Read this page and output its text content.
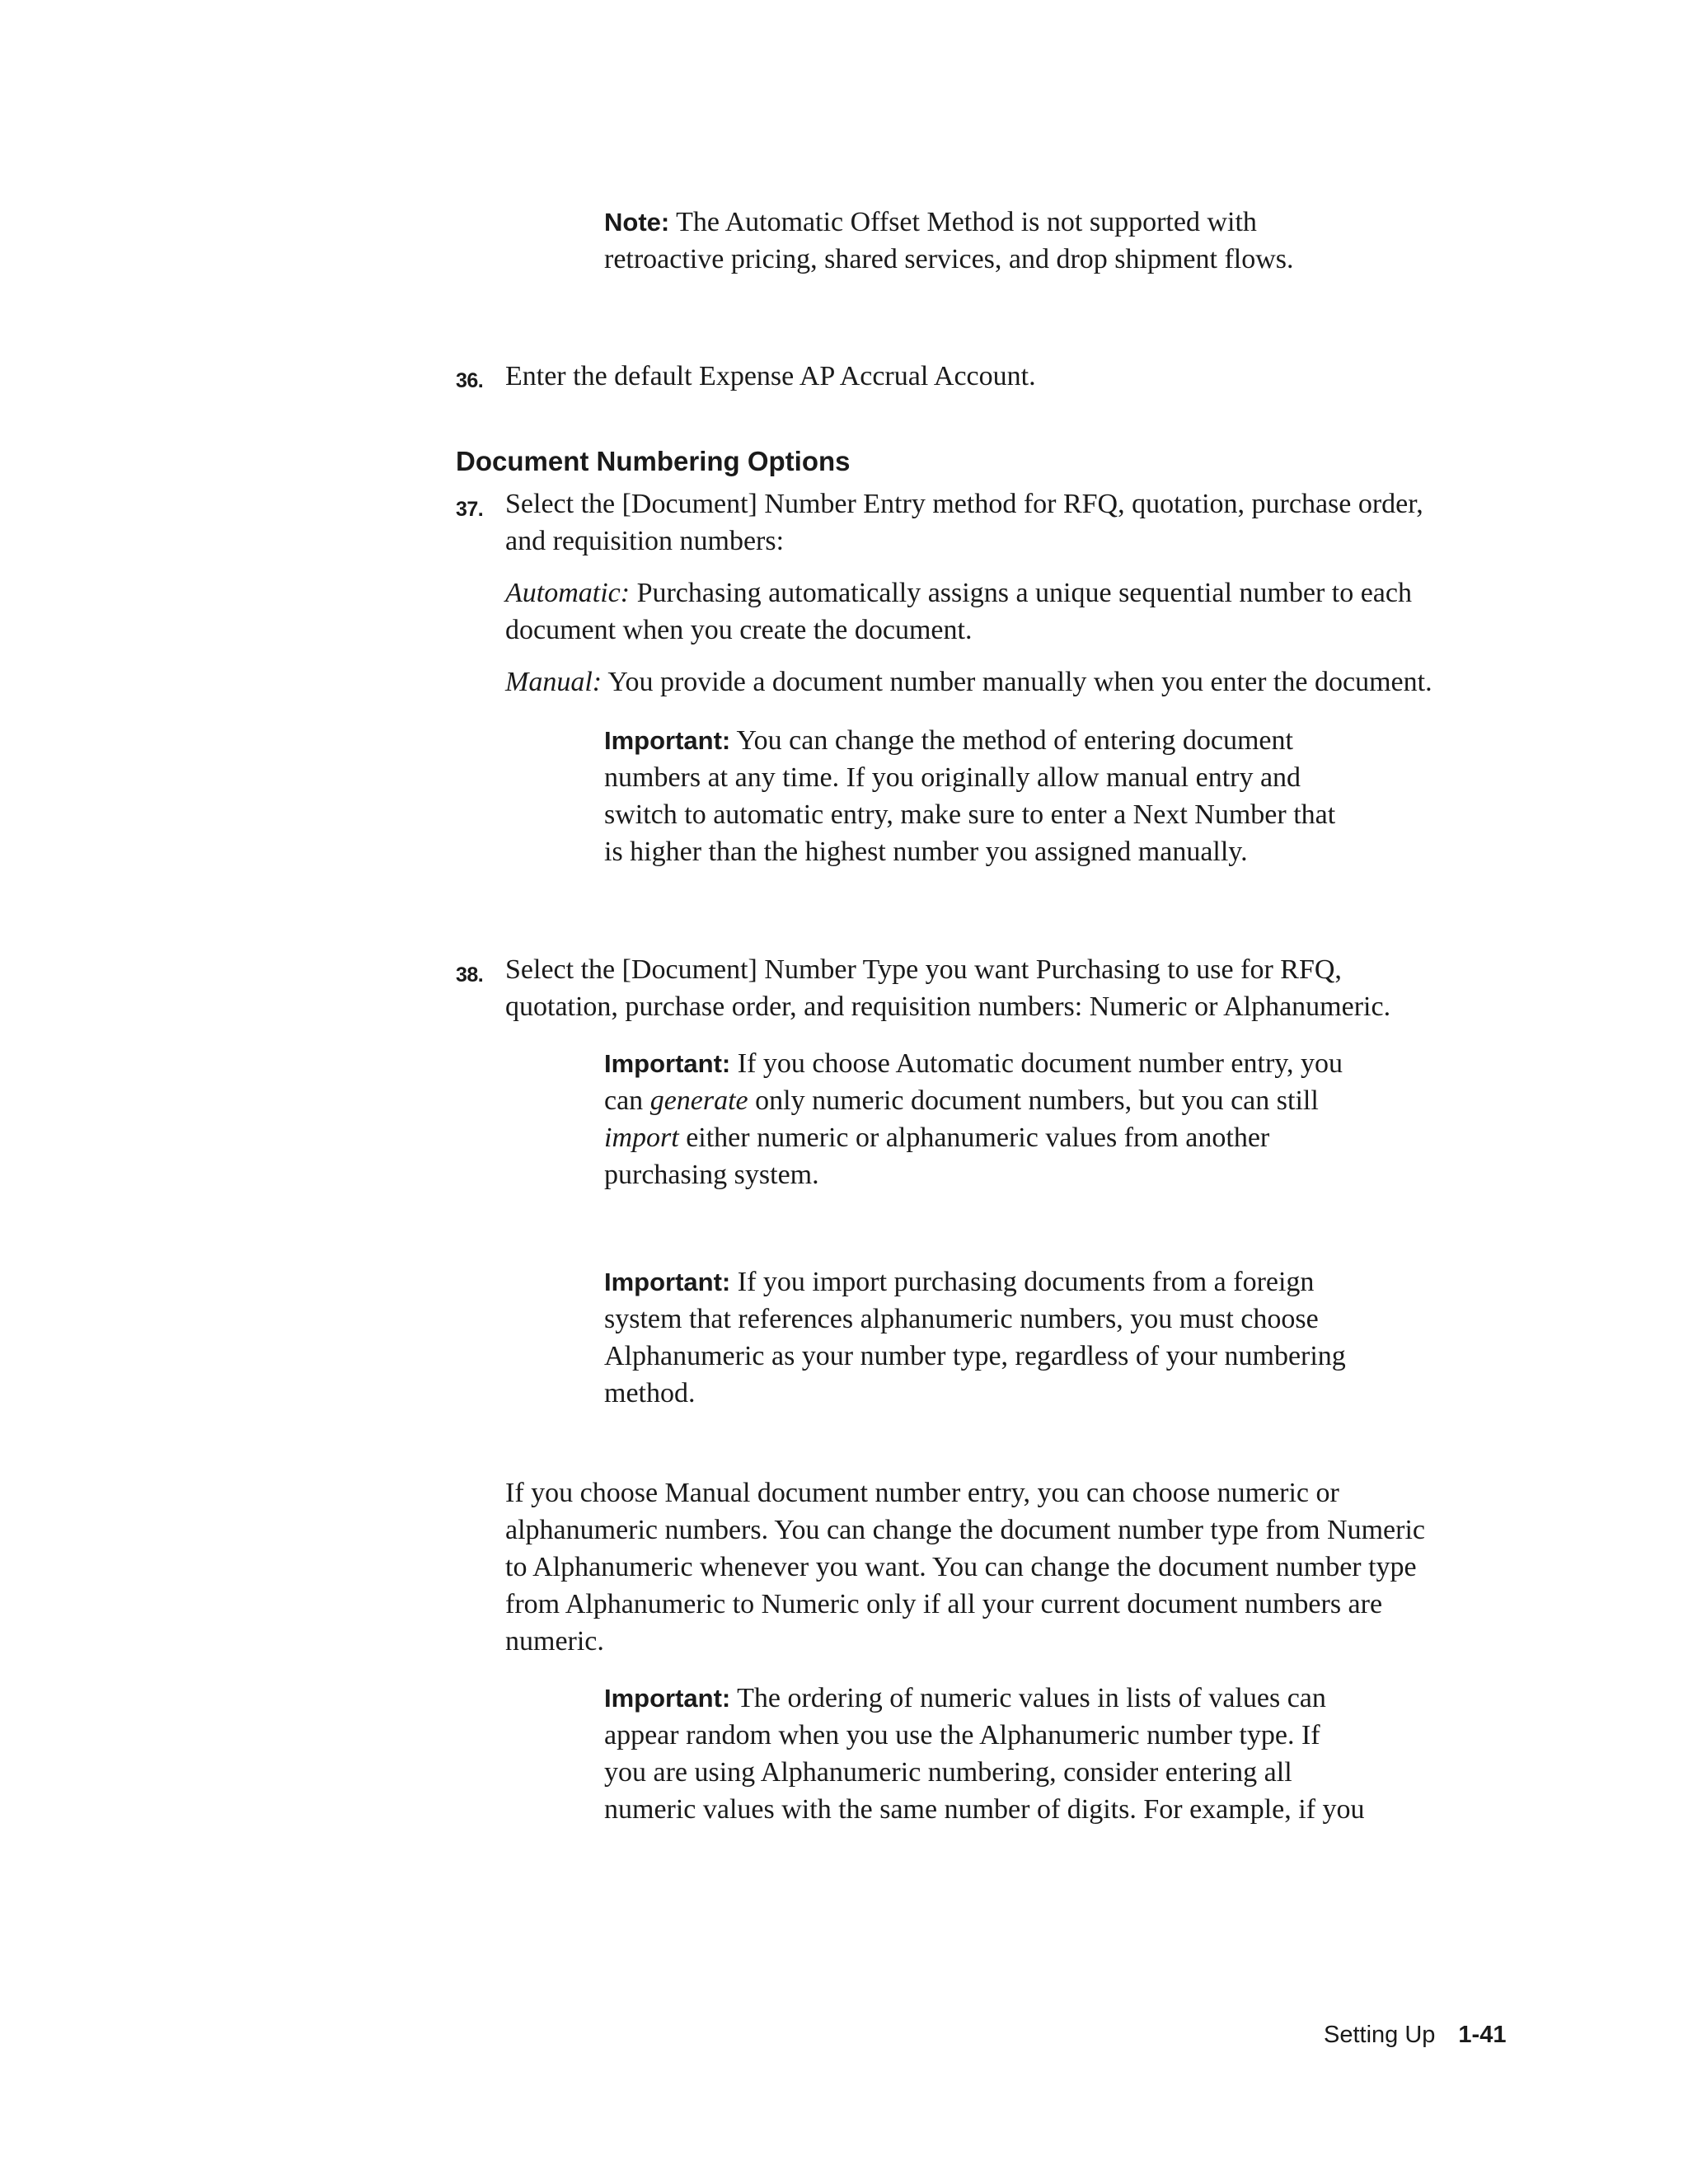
Note: The Automatic Offset Method is not supported with
retroactive pricing, shared services, and drop shipment flows.
36. Enter the default Expense AP Accrual Account.
Document Numbering Options
37. Select the [Document] Number Entry method for RFQ, quotation, purchase order,
and requisition numbers:
Automatic: Purchasing automatically assigns a unique sequential number to each
document when you create the document.
Manual: You provide a document number manually when you enter the document.
Important: You can change the method of entering document
numbers at any time. If you originally allow manual entry and
switch to automatic entry, make sure to enter a Next Number that
is higher than the highest number you assigned manually.
38. Select the [Document] Number Type you want Purchasing to use for RFQ,
quotation, purchase order, and requisition numbers: Numeric or Alphanumeric.
Important: If you choose Automatic document number entry, you
can generate only numeric document numbers, but you can still
import either numeric or alphanumeric values from another
purchasing system.
Important: If you import purchasing documents from a foreign
system that references alphanumeric numbers, you must choose
Alphanumeric as your number type, regardless of your numbering
method.
If you choose Manual document number entry, you can choose numeric or
alphanumeric numbers. You can change the document number type from Numeric
to Alphanumeric whenever you want. You can change the document number type
from Alphanumeric to Numeric only if all your current document numbers are
numeric.
Important: The ordering of numeric values in lists of values can
appear random when you use the Alphanumeric number type. If
you are using Alphanumeric numbering, consider entering all
numeric values with the same number of digits. For example, if you
Setting Up 1-41
